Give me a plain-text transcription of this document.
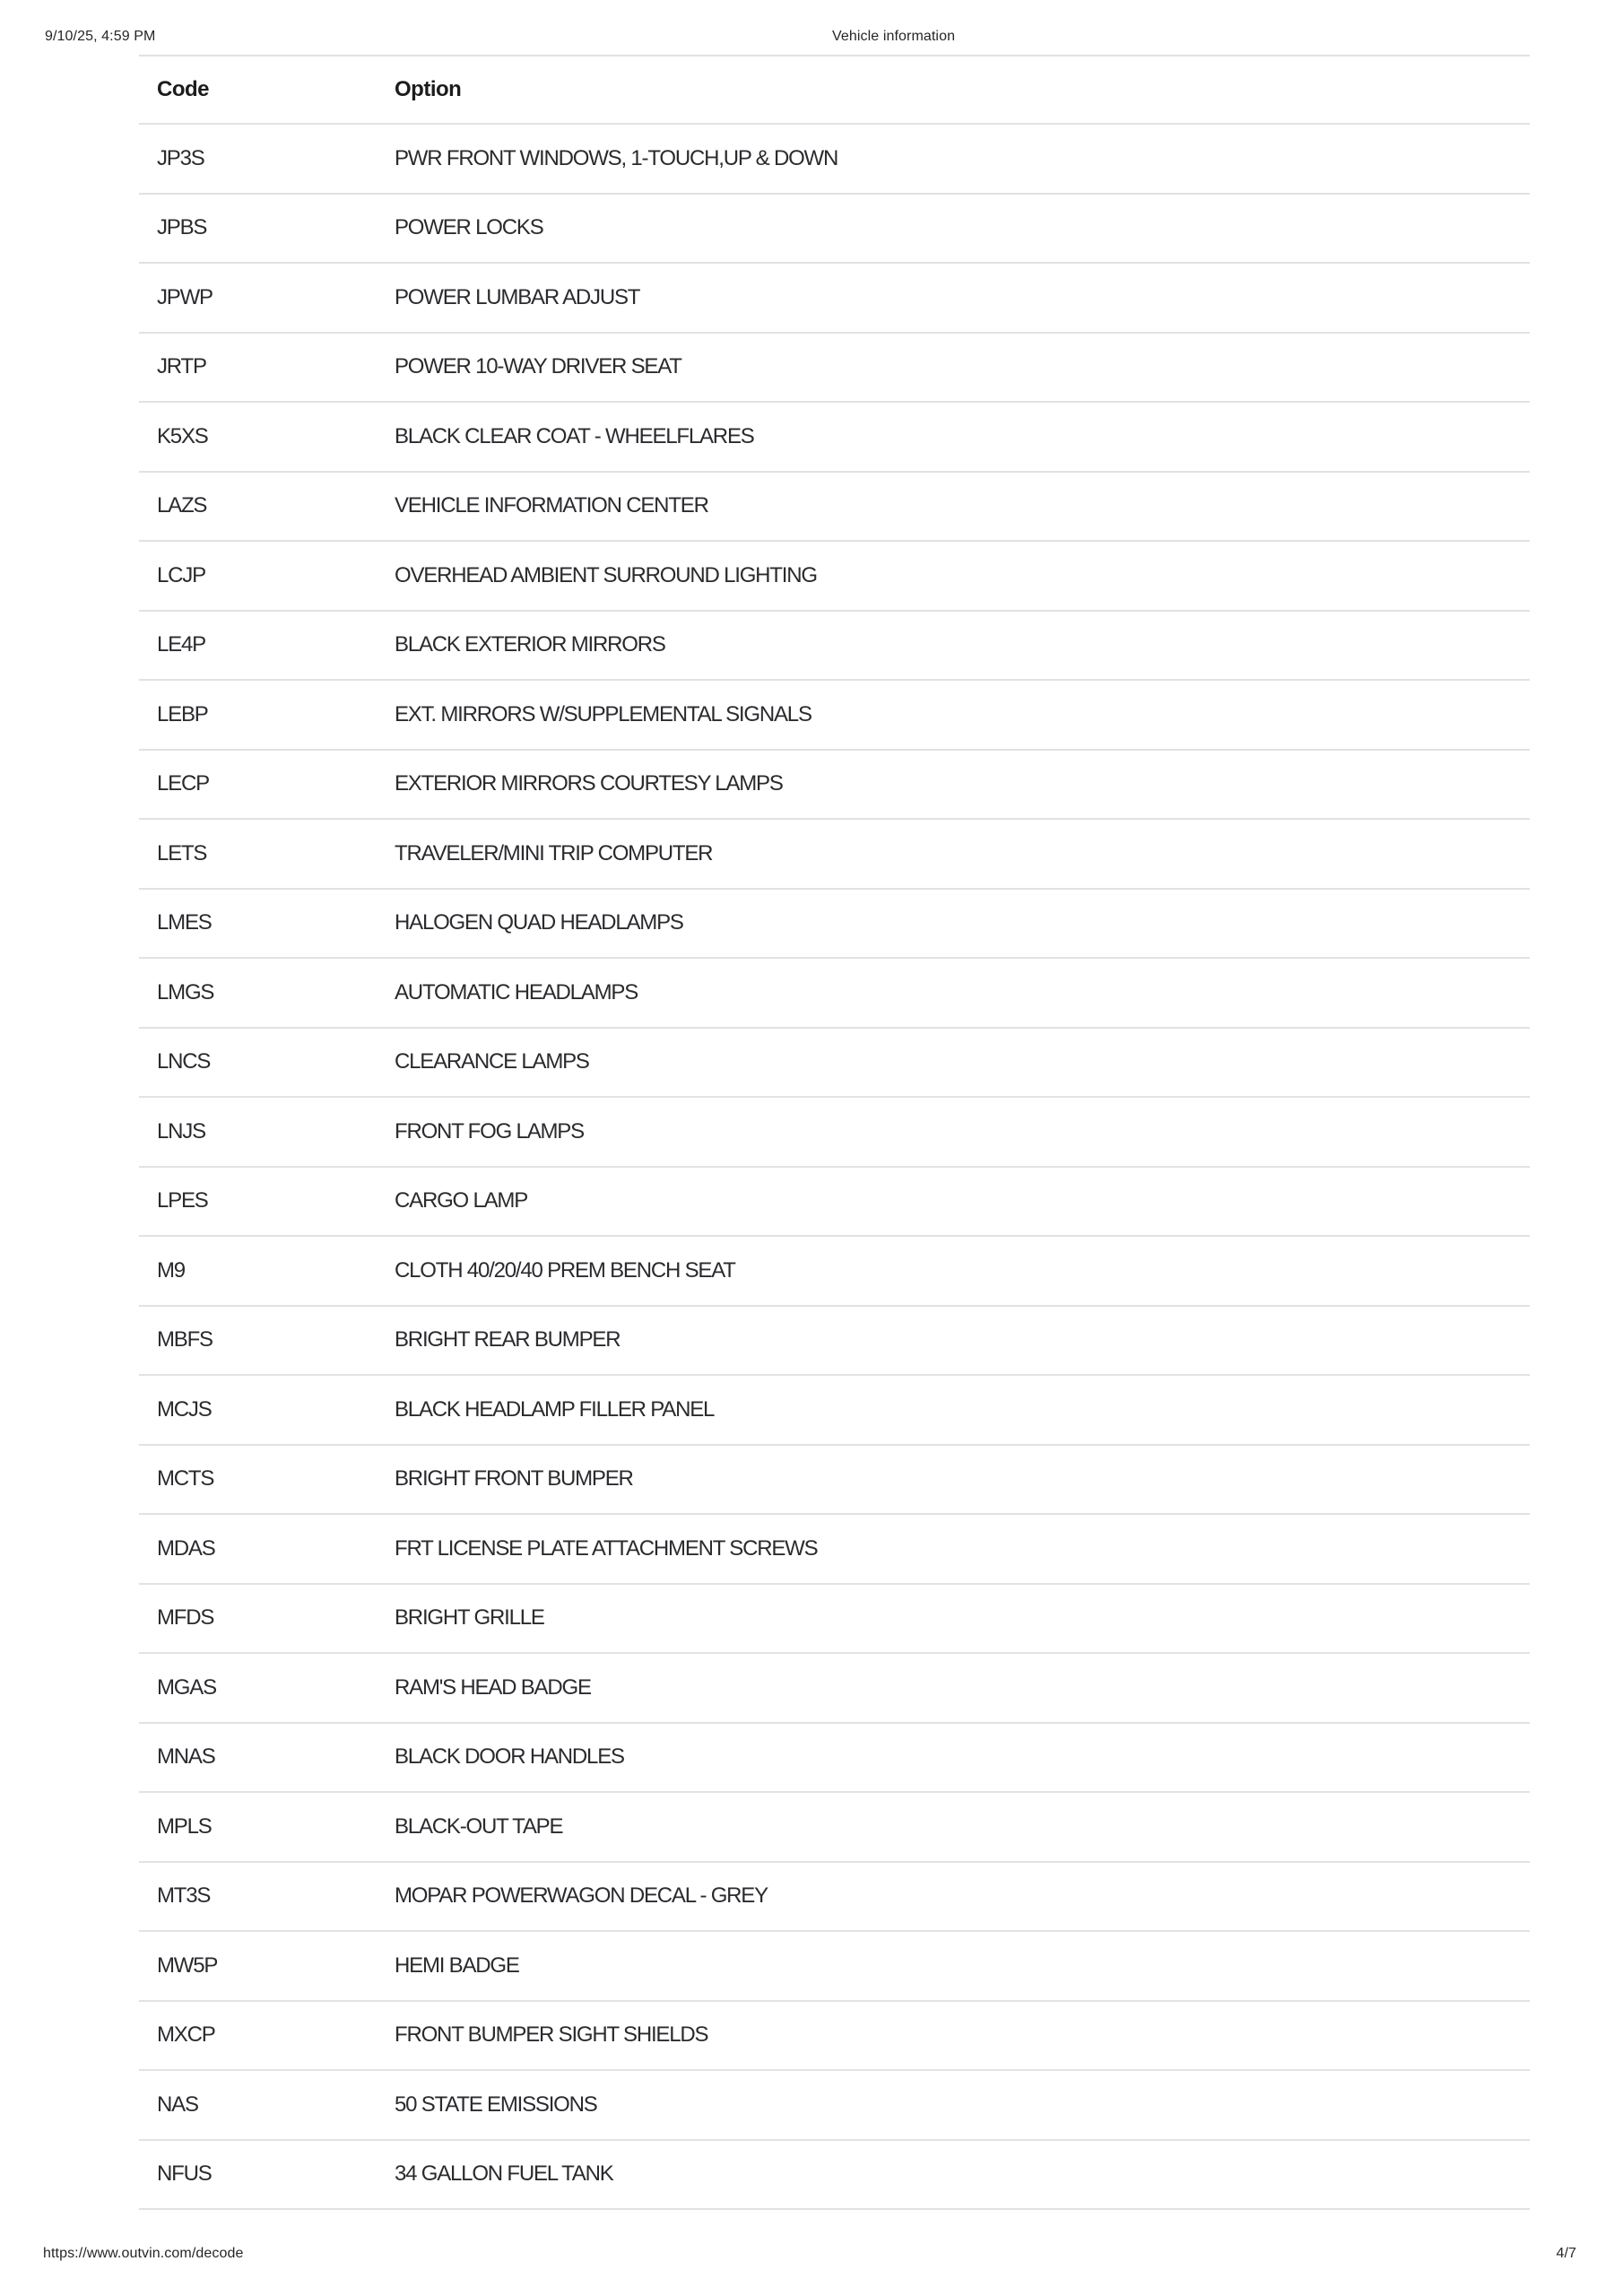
9/10/25, 4:59 PM	Vehicle information
Code	Option
JP3S	PWR FRONT WINDOWS, 1-TOUCH,UP & DOWN
JPBS	POWER LOCKS
JPWP	POWER LUMBAR ADJUST
JRTP	POWER 10-WAY DRIVER SEAT
K5XS	BLACK CLEAR COAT - WHEELFLARES
LAZS	VEHICLE INFORMATION CENTER
LCJP	OVERHEAD AMBIENT SURROUND LIGHTING
LE4P	BLACK EXTERIOR MIRRORS
LEBP	EXT. MIRRORS W/SUPPLEMENTAL SIGNALS
LECP	EXTERIOR MIRRORS COURTESY LAMPS
LETS	TRAVELER/MINI TRIP COMPUTER
LMES	HALOGEN QUAD HEADLAMPS
LMGS	AUTOMATIC HEADLAMPS
LNCS	CLEARANCE LAMPS
LNJS	FRONT FOG LAMPS
LPES	CARGO LAMP
M9	CLOTH 40/20/40 PREM BENCH SEAT
MBFS	BRIGHT REAR BUMPER
MCJS	BLACK HEADLAMP FILLER PANEL
MCTS	BRIGHT FRONT BUMPER
MDAS	FRT LICENSE PLATE ATTACHMENT SCREWS
MFDS	BRIGHT GRILLE
MGAS	RAM'S HEAD BADGE
MNAS	BLACK DOOR HANDLES
MPLS	BLACK-OUT TAPE
MT3S	MOPAR POWERWAGON DECAL - GREY
MW5P	HEMI BADGE
MXCP	FRONT BUMPER SIGHT SHIELDS
NAS	50 STATE EMISSIONS
NFUS	34 GALLON FUEL TANK
https://www.outvin.com/decode	4/7
